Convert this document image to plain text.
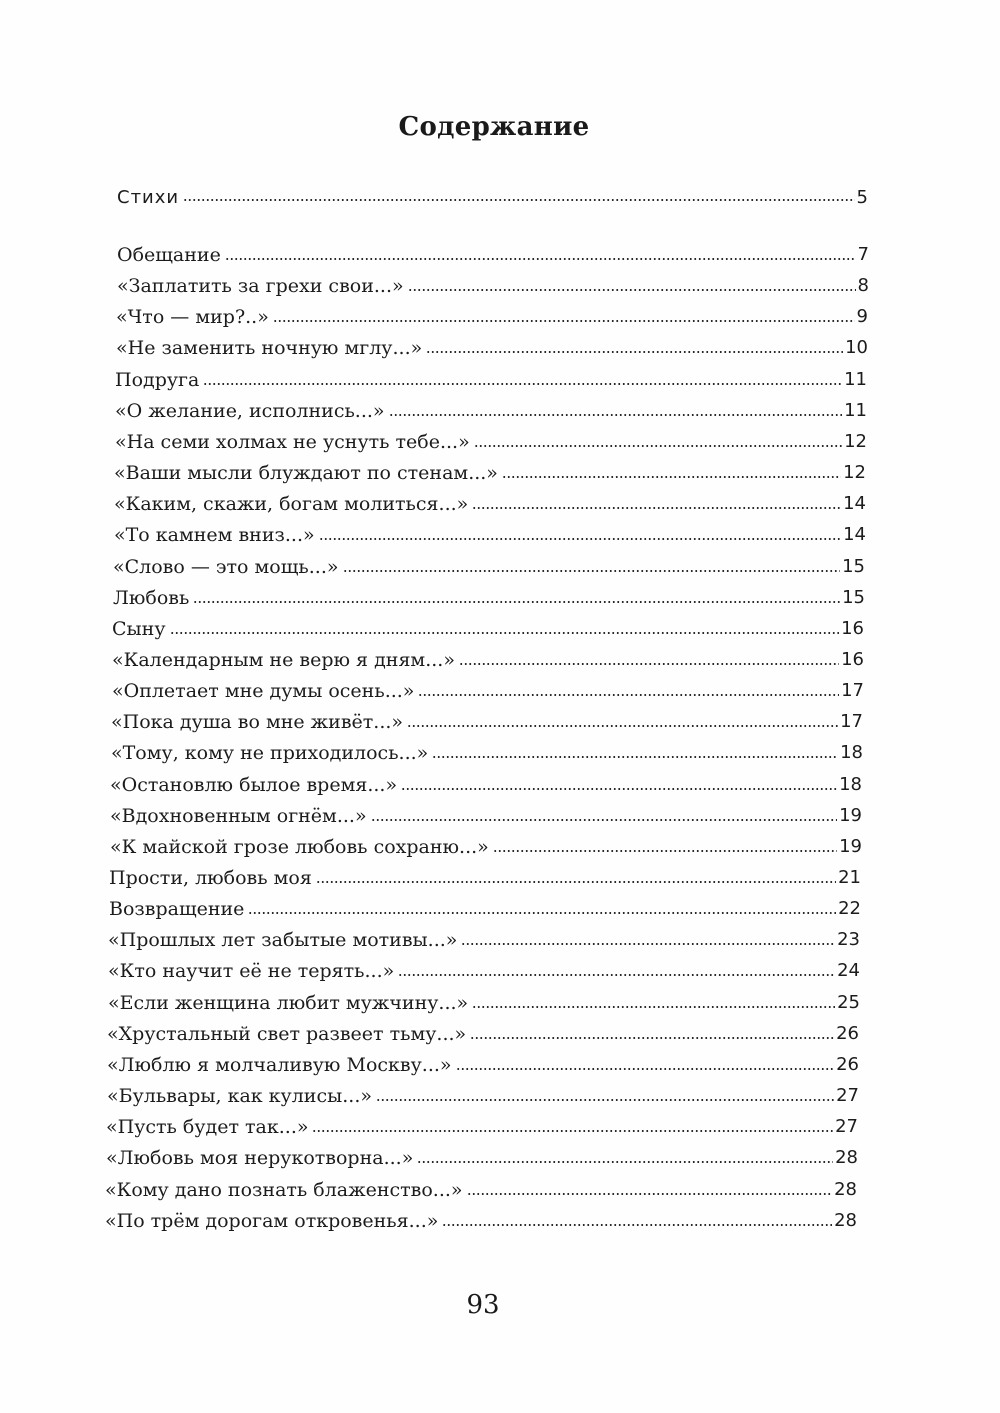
Содержание
Стихи	5
Обещание	7
«Заплатить за грехи свои...»	8
«Что — мир?..»	9
«Не заменить ночную мглу...»	10
Подруга	11
«О желание, исполнись...»	11
«На семи холмах не уснуть тебе...»	12
«Ваши мысли блуждают по стенам...»	12
«Каким, скажи, богам молиться...»	14
«То камнем вниз...»	14
«Слово — это мощь...»	15
Любовь	15
Сыну	16
«Календарным не верю я дням...»	16
«Оплетает мне думы осень...»	17
«Пока душа во мне живёт...»	17
«Тому, кому не приходилось...»	18
«Остановлю былое время...»	18
«Вдохновенным огнём...»	19
«К майской грозе любовь сохраню...»	19
Прости, любовь моя	21
Возвращение	22
«Прошлых лет забытые мотивы...»	23
«Кто научит её не терять...»	24
«Если женщина любит мужчину...»	25
«Хрустальный свет развеет тьму...»	26
«Люблю я молчаливую Москву...»	26
«Бульвары, как кулисы...»	27
«Пусть будет так...»	27
«Любовь моя нерукотворна...»	28
«Кому дано познать блаженство...»	28
«По трём дорогам откровенья...»	28
93
